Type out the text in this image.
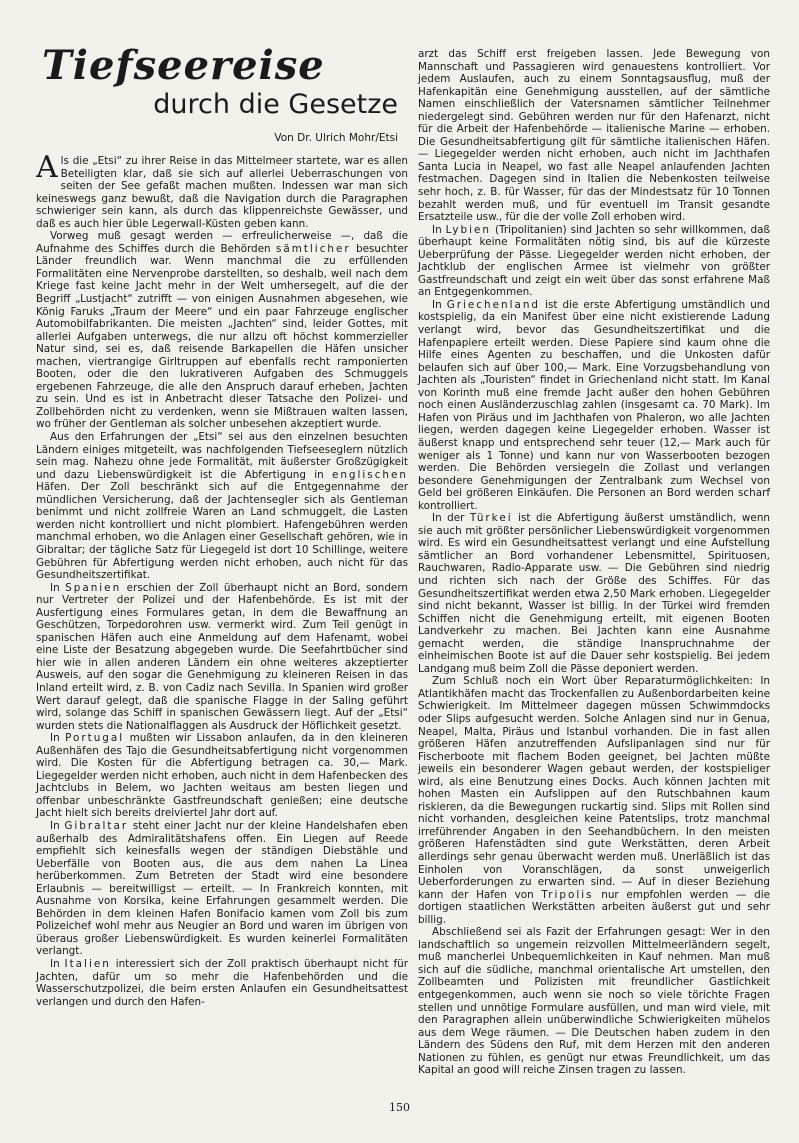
Tiefseereise
durch die Gesetze
Von Dr. Ulrich Mohr/Etsi

Als die „Etsi“ zu ihrer Reise in das Mittelmeer startete, war es allen Beteiligten klar, daß sie sich auf allerlei Ueberraschungen von seiten der See gefaßt machen mußten. Indessen war man sich keineswegs ganz bewußt, daß die Navigation durch die Paragraphen schwieriger sein kann, als durch das klippenreichste Gewässer, und daß es auch hier üble Legerwall-Küsten geben kann.

Vorweg muß gesagt werden — erfreulicherweise —, daß die Aufnahme des Schiffes durch die Behörden sämtlicher besuchter Länder freundlich war. Wenn manchmal die zu erfüllenden Formalitäten eine Nervenprobe darstellten, so deshalb, weil nach dem Kriege fast keine Jacht mehr in der Welt umhersegelt, auf die der Begriff „Lustjacht“ zutrifft — von einigen Ausnahmen abgesehen, wie König Faruks „Traum der Meere“ und ein paar Fahrzeuge englischer Automobilfabrikanten. Die meisten „Jachten“ sind, leider Gottes, mit allerlei Aufgaben unterwegs, die nur allzu oft höchst kommerzieller Natur sind, sei es, daß reisende Barkapellen die Häfen unsicher machen, viertrangige Girltruppen auf ebenfalls recht ramponierten Booten, oder die den lukrativeren Aufgaben des Schmuggels ergebenen Fahrzeuge, die alle den Anspruch darauf erheben, Jachten zu sein. Und es ist in Anbetracht dieser Tatsache den Polizei- und Zollbehörden nicht zu verdenken, wenn sie Mißtrauen walten lassen, wo früher der Gentleman als solcher unbesehen akzeptiert wurde.

Aus den Erfahrungen der „Etsi“ sei aus den einzelnen besuchten Ländern einiges mitgeteilt, was nachfolgenden Tiefseeseglern nützlich sein mag. Nahezu ohne jede Formalität, mit äußerster Großzügigkeit und dazu Liebenswürdigkeit ist die Abfertigung in englischen Häfen. Der Zoll beschränkt sich auf die Entgegennahme der mündlichen Versicherung, daß der Jachtensegler sich als Gentleman benimmt und nicht zollfreie Waren an Land schmuggelt, die Lasten werden nicht kontrolliert und nicht plombiert. Hafengebühren werden manchmal erhoben, wo die Anlagen einer Gesellschaft gehören, wie in Gibraltar; der tägliche Satz für Liegegeld ist dort 10 Schillinge, weitere Gebühren für Abfertigung werden nicht erhoben, auch nicht für das Gesundheitszertifikat.

In Spanien erschien der Zoll überhaupt nicht an Bord, sondern nur Vertreter der Polizei und der Hafenbehörde. Es ist mit der Ausfertigung eines Formulares getan, in dem die Bewaffnung an Geschützen, Torpedorohren usw. vermerkt wird. Zum Teil genügt in spanischen Häfen auch eine Anmeldung auf dem Hafenamt, wobei eine Liste der Besatzung abgegeben wurde. Die Seefahrtbücher sind hier wie in allen anderen Ländern ein ohne weiteres akzeptierter Ausweis, auf den sogar die Genehmigung zu kleineren Reisen in das Inland erteilt wird, z. B. von Cadiz nach Sevilla. In Spanien wird großer Wert darauf gelegt, daß die spanische Flagge in der Saling geführt wird, solange das Schiff in spanischen Gewässern liegt. Auf der „Etsi“ wurden stets die Nationalflaggen als Ausdruck der Höflichkeit gesetzt.

In Portugal mußten wir Lissabon anlaufen, da in den kleineren Außenhäfen des Tajo die Gesundheitsabfertigung nicht vorgenommen wird. Die Kosten für die Abfertigung betragen ca. 30,— Mark. Liegegelder werden nicht erhoben, auch nicht in dem Hafenbecken des Jachtclubs in Belem, wo Jachten weitaus am besten liegen und offenbar unbeschränkte Gastfreundschaft genießen; eine deutsche Jacht hielt sich bereits dreiviertel Jahr dort auf.

In Gibraltar steht einer Jacht nur der kleine Handelshafen eben außerhalb des Admiralitätshafens offen. Ein Liegen auf Reede empfiehlt sich keinesfalls wegen der ständigen Diebstähle und Ueberfälle von Booten aus, die aus dem nahen La Linea herüberkommen. Zum Betreten der Stadt wird eine besondere Erlaubnis — bereitwilligst — erteilt. — In Frankreich konnten, mit Ausnahme von Korsika, keine Erfahrungen gesammelt werden. Die Behörden in dem kleinen Hafen Bonifacio kamen vom Zoll bis zum Polizeichef wohl mehr aus Neugier an Bord und waren im übrigen von überaus großer Liebenswürdigkeit. Es wurden keinerlei Formalitäten verlangt.

In Italien interessiert sich der Zoll praktisch überhaupt nicht für Jachten, dafür um so mehr die Hafenbehörden und die Wasserschutzpolizei, die beim ersten Anlaufen ein Gesundheitsattest verlangen und durch den Hafen-

arzt das Schiff erst freigeben lassen. Jede Bewegung von Mannschaft und Passagieren wird genauestens kontrolliert. Vor jedem Auslaufen, auch zu einem Sonntagsausflug, muß der Hafenkapitän eine Genehmigung ausstellen, auf der sämtliche Namen einschließlich der Vatersnamen sämtlicher Teilnehmer niedergelegt sind. Gebühren werden nur für den Hafenarzt, nicht für die Arbeit der Hafenbehörde — italienische Marine — erhoben. Die Gesundheitsabfertigung gilt für sämtliche italienischen Häfen. — Liegegelder werden nicht erhoben, auch nicht im Jachthafen Santa Lucia in Neapel, wo fast alle Neapel anlaufenden Jachten festmachen. Dagegen sind in Italien die Nebenkosten teilweise sehr hoch, z. B. für Wasser, für das der Mindestsatz für 10 Tonnen bezahlt werden muß, und für eventuell im Transit gesandte Ersatzteile usw., für die der volle Zoll erhoben wird.

In Lybien (Tripolitanien) sind Jachten so sehr willkommen, daß überhaupt keine Formalitäten nötig sind, bis auf die kürzeste Ueberprüfung der Pässe. Liegegelder werden nicht erhoben, der Jachtklub der englischen Armee ist vielmehr von größter Gastfreundschaft und zeigt ein weit über das sonst erfahrene Maß an Entgegenkommen.

In Griechenland ist die erste Abfertigung umständlich und kostspielig, da ein Manifest über eine nicht existierende Ladung verlangt wird, bevor das Gesundheitszertifikat und die Hafenpapiere erteilt werden. Diese Papiere sind kaum ohne die Hilfe eines Agenten zu beschaffen, und die Unkosten dafür belaufen sich auf über 100,— Mark. Eine Vorzugsbehandlung von Jachten als „Touristen“ findet in Griechenland nicht statt. Im Kanal von Korinth muß eine fremde Jacht außer den hohen Gebühren noch einen Ausländerzuschlag zahlen (insgesamt ca. 70 Mark). Im Hafen von Piräus und im Jachthafen von Phaleron, wo alle Jachten liegen, werden dagegen keine Liegegelder erhoben. Wasser ist äußerst knapp und entsprechend sehr teuer (12,— Mark auch für weniger als 1 Tonne) und kann nur von Wasserbooten bezogen werden. Die Behörden versiegeln die Zollast und verlangen besondere Genehmigungen der Zentralbank zum Wechsel von Geld bei größeren Einkäufen. Die Personen an Bord werden scharf kontrolliert.

In der Türkei ist die Abfertigung äußerst umständlich, wenn sie auch mit größter persönlicher Liebenswürdigkeit vorgenommen wird. Es wird ein Gesundheitsattest verlangt und eine Aufstellung sämtlicher an Bord vorhandener Lebensmittel, Spirituosen, Rauchwaren, Radio-Apparate usw. — Die Gebühren sind niedrig und richten sich nach der Größe des Schiffes. Für das Gesundheitszertifikat werden etwa 2,50 Mark erhoben. Liegegelder sind nicht bekannt, Wasser ist billig. In der Türkei wird fremden Schiffen nicht die Genehmigung erteilt, mit eigenen Booten Landverkehr zu machen. Bei Jachten kann eine Ausnahme gemacht werden, die ständige Inanspruchnahme der einheimischen Boote ist auf die Dauer sehr kostspielig. Bei jedem Landgang muß beim Zoll die Pässe deponiert werden.

Zum Schluß noch ein Wort über Reparaturmöglichkeiten: In Atlantikhäfen macht das Trockenfallen zu Außenbordarbeiten keine Schwierigkeit. Im Mittelmeer dagegen müssen Schwimmdocks oder Slips aufgesucht werden. Solche Anlagen sind nur in Genua, Neapel, Malta, Piräus und Istanbul vorhanden. Die in fast allen größeren Häfen anzutreffenden Aufslipanlagen sind nur für Fischerboote mit flachem Boden geeignet, bei Jachten müßte jeweils ein besonderer Wagen gebaut werden, der kostspieliger wird, als eine Benutzung eines Docks. Auch können Jachten mit hohen Masten ein Aufslippen auf den Rutschbahnen kaum riskieren, da die Bewegungen ruckartig sind. Slips mit Rollen sind nicht vorhanden, desgleichen keine Patentslips, trotz manchmal irreführender Angaben in den Seehandbüchern. In den meisten größeren Hafenstädten sind gute Werkstätten, deren Arbeit allerdings sehr genau überwacht werden muß. Unerläßlich ist das Einholen von Voranschlägen, da sonst unweigerlich Ueberforderungen zu erwarten sind. — Auf in dieser Beziehung kann der Hafen von Tripolis nur empfohlen werden — die dortigen staatlichen Werkstätten arbeiten äußerst gut und sehr billig.

Abschließend sei als Fazit der Erfahrungen gesagt: Wer in den landschaftlich so ungemein reizvollen Mittelmeerländern segelt, muß mancherlei Unbequemlichkeiten in Kauf nehmen. Man muß sich auf die südliche, manchmal orientalische Art umstellen, den Zollbeamten und Polizisten mit freundlicher Gastlichkeit entgegenkommen, auch wenn sie noch so viele törichte Fragen stellen und unnötige Formulare ausfüllen, und man wird viele, mit den Paragraphen allein unüberwindliche Schwierigkeiten mühelos aus dem Wege räumen. — Die Deutschen haben zudem in den Ländern des Südens den Ruf, mit dem Herzen mit den anderen Nationen zu fühlen, es genügt nur etwas Freundlichkeit, um das Kapital an good will reiche Zinsen tragen zu lassen.

150
